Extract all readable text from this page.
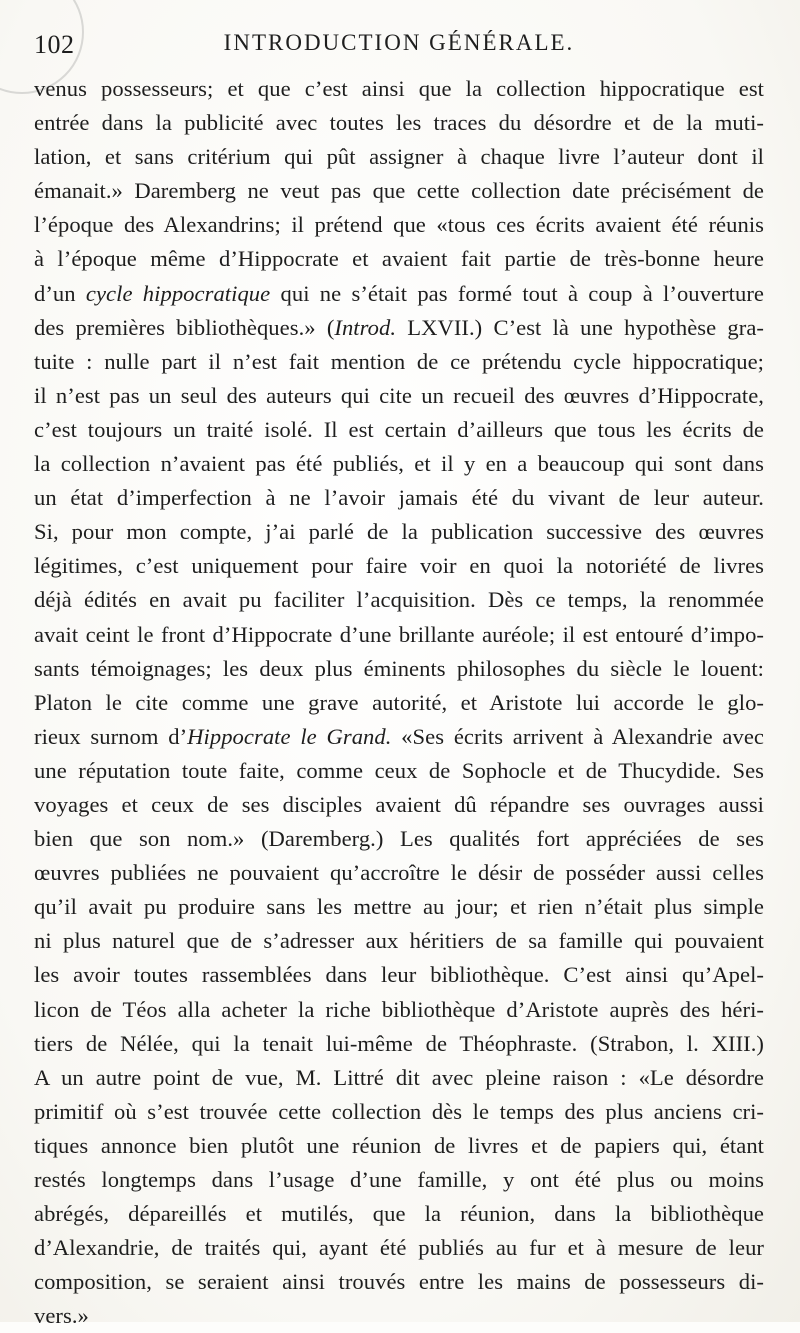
102	INTRODUCTION GÉNÉRALE.
venus possesseurs; et que c’est ainsi que la collection hippocratique est
entrée dans la publicité avec toutes les traces du désordre et de la muti-
lation, et sans critérium qui pût assigner à chaque livre l’auteur dont il
émanait.» Daremberg ne veut pas que cette collection date précisément de
l’époque des Alexandrins; il prétend que «tous ces écrits avaient été réunis
à l’époque même d’Hippocrate et avaient fait partie de très-bonne heure
d’un cycle hippocratique qui ne s’était pas formé tout à coup à l’ouverture
des premières bibliothèques.» (Introd. LXVII.) C’est là une hypothèse gra-
tuite : nulle part il n’est fait mention de ce prétendu cycle hippocratique;
il n’est pas un seul des auteurs qui cite un recueil des œuvres d’Hippocrate,
c’est toujours un traité isolé. Il est certain d’ailleurs que tous les écrits de
la collection n’avaient pas été publiés, et il y en a beaucoup qui sont dans
un état d’imperfection à ne l’avoir jamais été du vivant de leur auteur.
Si, pour mon compte, j’ai parlé de la publication successive des œuvres
légitimes, c’est uniquement pour faire voir en quoi la notoriété de livres
déjà édités en avait pu faciliter l’acquisition. Dès ce temps, la renommée
avait ceint le front d’Hippocrate d’une brillante auréole; il est entouré d’impo-
sants témoignages; les deux plus éminents philosophes du siècle le louent:
Platon le cite comme une grave autorité, et Aristote lui accorde le glo-
rieux surnom d’Hippocrate le Grand. «Ses écrits arrivent à Alexandrie avec
une réputation toute faite, comme ceux de Sophocle et de Thucydide. Ses
voyages et ceux de ses disciples avaient dû répandre ses ouvrages aussi
bien que son nom.» (Daremberg.) Les qualités fort appréciées de ses
œuvres publiées ne pouvaient qu’accroître le désir de posséder aussi celles
qu’il avait pu produire sans les mettre au jour; et rien n’était plus simple
ni plus naturel que de s’adresser aux héritiers de sa famille qui pouvaient
les avoir toutes rassemblées dans leur bibliothèque. C’est ainsi qu’Apel-
licon de Téos alla acheter la riche bibliothèque d’Aristote auprès des héri-
tiers de Nélée, qui la tenait lui-même de Théophraste. (Strabon, l. XIII.)
A un autre point de vue, M. Littré dit avec pleine raison : «Le désordre
primitif où s’est trouvée cette collection dès le temps des plus anciens cri-
tiques annonce bien plutôt une réunion de livres et de papiers qui, étant
restés longtemps dans l’usage d’une famille, y ont été plus ou moins
abrégés, dépareillés et mutilés, que la réunion, dans la bibliothèque
d’Alexandrie, de traités qui, ayant été publiés au fur et à mesure de leur
composition, se seraient ainsi trouvés entre les mains de possesseurs di-
vers.»
